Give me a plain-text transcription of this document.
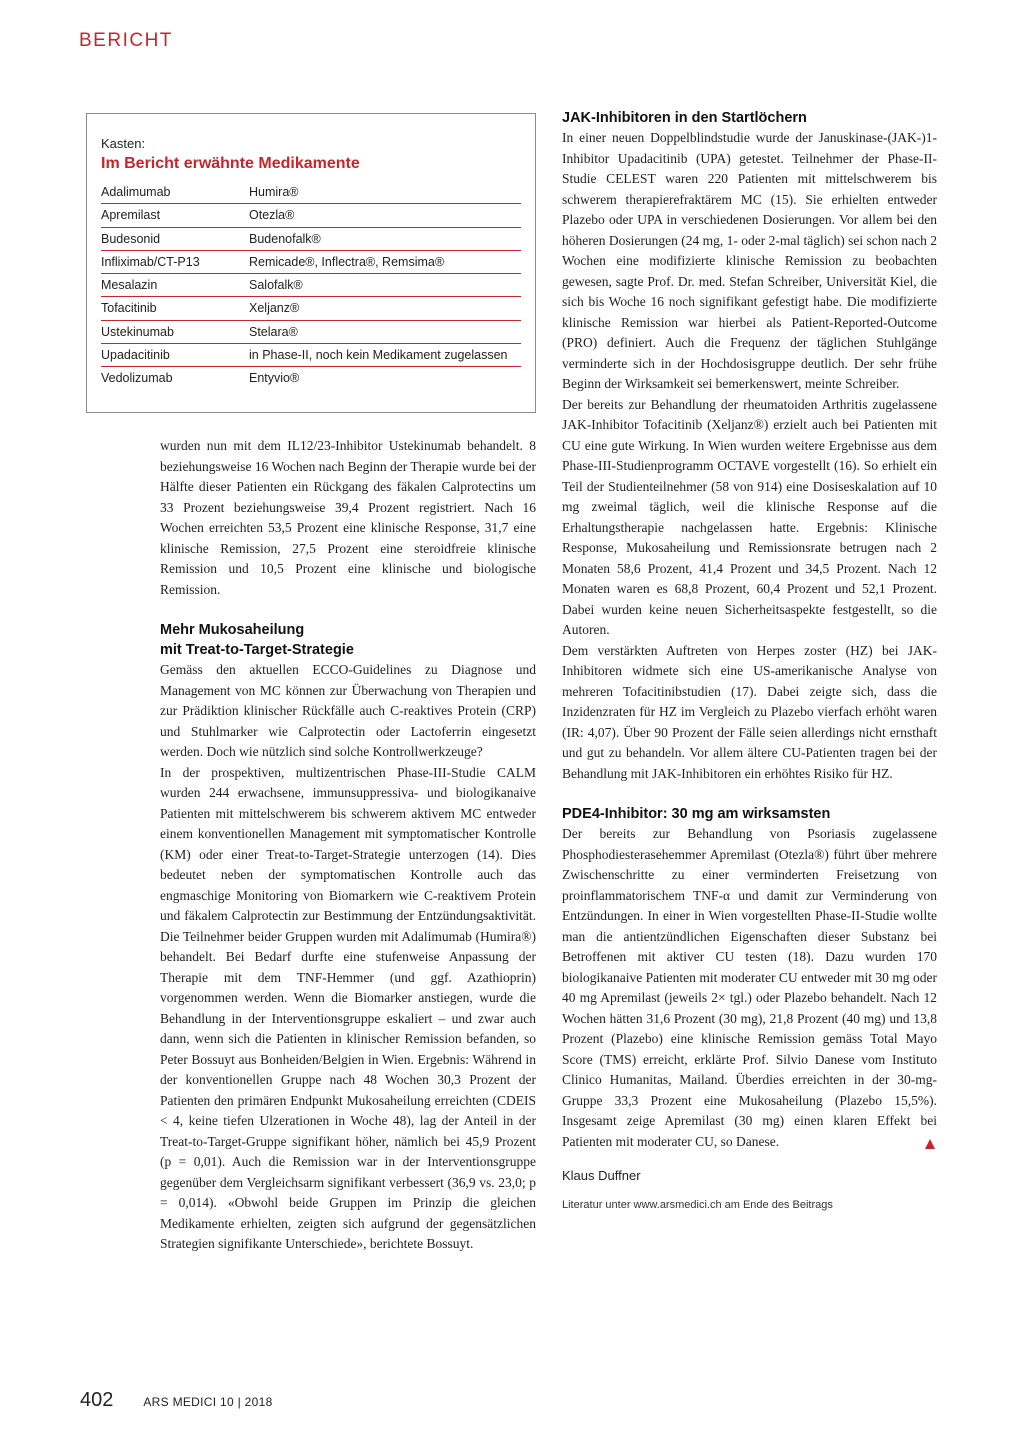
BERICHT
Kasten:
Im Bericht erwähnte Medikamente
Adalimumab	Humira®
Apremilast	Otezla®
Budesonid	Budenofalk®
Infliximab/CT-P13	Remicade®, Inflectra®, Remsima®
Mesalazin	Salofalk®
Tofacitinib	Xeljanz®
Ustekinumab	Stelara®
Upadacitinib	in Phase-II, noch kein Medikament zugelassen
Vedolizumab	Entyvio®

wurden nun mit dem IL12/23-Inhibitor Ustekinumab behandelt. 8 beziehungsweise 16 Wochen nach Beginn der Therapie wurde bei der Hälfte dieser Patienten ein Rückgang des fäkalen Calprotectins um 33 Prozent beziehungsweise 39,4 Prozent registriert. Nach 16 Wochen erreichten 53,5 Prozent eine klinische Response, 31,7 eine klinische Remission, 27,5 Prozent eine steroidfreie klinische Remission und 10,5 Prozent eine klinische und biologische Remission.

Mehr Mukosaheilung
mit Treat-to-Target-Strategie

Gemäss den aktuellen ECCO-Guidelines zu Diagnose und Management von MC können zur Überwachung von Therapien und zur Prädiktion klinischer Rückfälle auch C-reaktives Protein (CRP) und Stuhlmarker wie Calprotectin oder Lactoferrin eingesetzt werden. Doch wie nützlich sind solche Kontrollwerkzeuge?

In der prospektiven, multizentrischen Phase-III-Studie CALM wurden 244 erwachsene, immunsuppressiva- und biologikanaive Patienten mit mittelschwerem bis schwerem aktivem MC entweder einem konventionellen Management mit symptomatischer Kontrolle (KM) oder einer Treat-to-Target-Strategie unterzogen (14). Dies bedeutet neben der symptomatischen Kontrolle auch das engmaschige Monitoring von Biomarkern wie C-reaktivem Protein und fäkalem Calprotectin zur Bestimmung der Entzündungsaktivität. Die Teilnehmer beider Gruppen wurden mit Adalimumab (Humira®) behandelt. Bei Bedarf durfte eine stufenweise Anpassung der Therapie mit dem TNF-Hemmer (und ggf. Azathioprin) vorgenommen werden. Wenn die Biomarker anstiegen, wurde die Behandlung in der Interventionsgruppe eskaliert – und zwar auch dann, wenn sich die Patienten in klinischer Remission befanden, so Peter Bossuyt aus Bonheiden/Belgien in Wien. Ergebnis: Während in der konventionellen Gruppe nach 48 Wochen 30,3 Prozent der Patienten den primären Endpunkt Mukosaheilung erreichten (CDEIS < 4, keine tiefen Ulzerationen in Woche 48), lag der Anteil in der Treat-to-Target-Gruppe signifikant höher, nämlich bei 45,9 Prozent (p = 0,01). Auch die Remission war in der Interventionsgruppe gegenüber dem Vergleichsarm signifikant verbessert (36,9 vs. 23,0; p = 0,014). «Obwohl beide Gruppen im Prinzip die gleichen Medikamente erhielten, zeigten sich aufgrund der gegensätzlichen Strategien signifikante Unterschiede», berichtete Bossuyt.

JAK-Inhibitoren in den Startlöchern

In einer neuen Doppelblindstudie wurde der Januskinase-(JAK-)1-Inhibitor Upadacitinib (UPA) getestet. Teilnehmer der Phase-II-Studie CELEST waren 220 Patienten mit mittelschwerem bis schwerem therapierefraktärem MC (15). Sie erhielten entweder Plazebo oder UPA in verschiedenen Dosierungen. Vor allem bei den höheren Dosierungen (24 mg, 1- oder 2-mal täglich) sei schon nach 2 Wochen eine modifizierte klinische Remission zu beobachten gewesen, sagte Prof. Dr. med. Stefan Schreiber, Universität Kiel, die sich bis Woche 16 noch signifikant gefestigt habe. Die modifizierte klinische Remission war hierbei als Patient-Reported-Outcome (PRO) definiert. Auch die Frequenz der täglichen Stuhlgänge verminderte sich in der Hochdosisgruppe deutlich. Der sehr frühe Beginn der Wirksamkeit sei bemerkenswert, meinte Schreiber.

Der bereits zur Behandlung der rheumatoiden Arthritis zugelassene JAK-Inhibitor Tofacitinib (Xeljanz®) erzielt auch bei Patienten mit CU eine gute Wirkung. In Wien wurden weitere Ergebnisse aus dem Phase-III-Studienprogramm OCTAVE vorgestellt (16). So erhielt ein Teil der Studienteilnehmer (58 von 914) eine Dosiseskalation auf 10 mg zweimal täglich, weil die klinische Response auf die Erhaltungstherapie nachgelassen hatte. Ergebnis: Klinische Response, Mukosaheilung und Remissionsrate betrugen nach 2 Monaten 58,6 Prozent, 41,4 Prozent und 34,5 Prozent. Nach 12 Monaten waren es 68,8 Prozent, 60,4 Prozent und 52,1 Prozent. Dabei wurden keine neuen Sicherheitsaspekte festgestellt, so die Autoren.

Dem verstärkten Auftreten von Herpes zoster (HZ) bei JAK-Inhibitoren widmete sich eine US-amerikanische Analyse von mehreren Tofacitinibstudien (17). Dabei zeigte sich, dass die Inzidenzraten für HZ im Vergleich zu Plazebo vierfach erhöht waren (IR: 4,07). Über 90 Prozent der Fälle seien allerdings nicht ernsthaft und gut zu behandeln. Vor allem ältere CU-Patienten tragen bei der Behandlung mit JAK-Inhibitoren ein erhöhtes Risiko für HZ.

PDE4-Inhibitor: 30 mg am wirksamsten

Der bereits zur Behandlung von Psoriasis zugelassene Phosphodiesterasehemmer Apremilast (Otezla®) führt über mehrere Zwischenschritte zu einer verminderten Freisetzung von proinflammatorischem TNF-α und damit zur Verminderung von Entzündungen. In einer in Wien vorgestellten Phase-II-Studie wollte man die antientzündlichen Eigenschaften dieser Substanz bei Betroffenen mit aktiver CU testen (18). Dazu wurden 170 biologikanaive Patienten mit moderater CU entweder mit 30 mg oder 40 mg Apremilast (jeweils 2× tgl.) oder Plazebo behandelt. Nach 12 Wochen hätten 31,6 Prozent (30 mg), 21,8 Prozent (40 mg) und 13,8 Prozent (Plazebo) eine klinische Remission gemäss Total Mayo Score (TMS) erreicht, erklärte Prof. Silvio Danese vom Instituto Clinico Humanitas, Mailand. Überdies erreichten in der 30-mg-Gruppe 33,3 Prozent eine Mukosaheilung (Plazebo 15,5%). Insgesamt zeige Apremilast (30 mg) einen klaren Effekt bei Patienten mit moderater CU, so Danese.

Klaus Duffner
Literatur unter www.arsmedici.ch am Ende des Beitrags
402	ARS MEDICI 10 | 2018
